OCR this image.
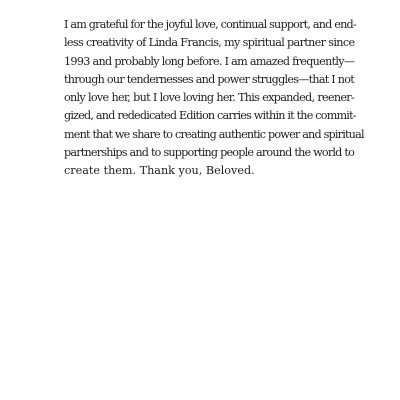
I am grateful for the joyful love, continual support, and end-
less creativity of Linda Francis, my spiritual partner since
1993 and probably long before. I am amazed frequently—
through our tendernesses and power struggles—that I not
only love her, but I love loving her. This expanded, reener-
gized, and rededicated Edition carries within it the commit-
ment that we share to creating authentic power and spiritual
partnerships and to supporting people around the world to
create them. Thank you, Beloved.
